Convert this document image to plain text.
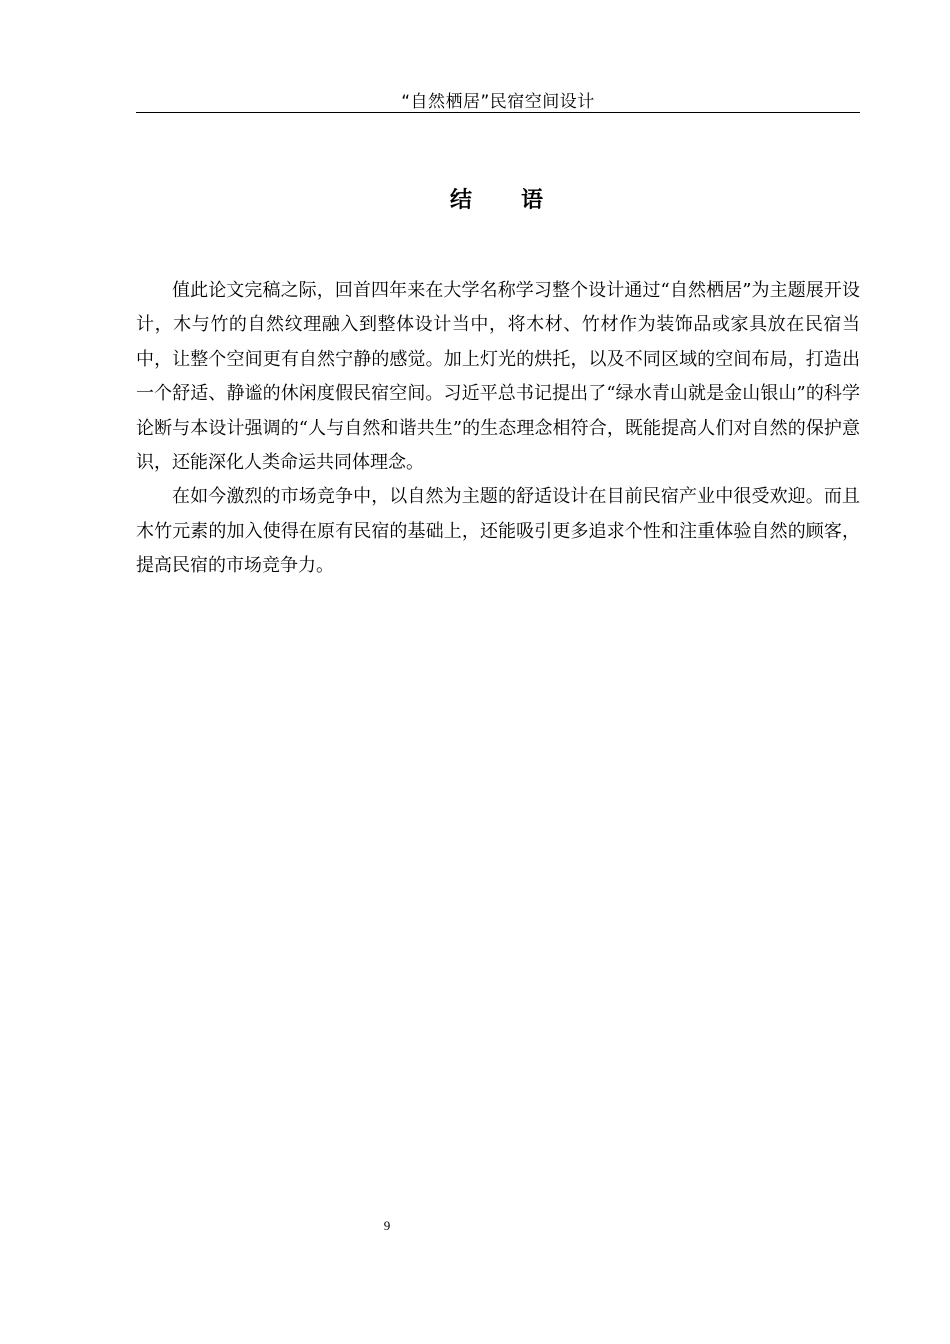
“自然栖居”民宿空间设计
结 语

值此论文完稿之际，回首四年来在大学名称学习整个设计通过“自然栖居”为主题展开设计，木与竹的自然纹理融入到整体设计当中，将木材、竹材作为装饰品或家具放在民宿当中，让整个空间更有自然宁静的感觉。加上灯光的烘托，以及不同区域的空间布局，打造出一个舒适、静谧的休闲度假民宿空间。习近平总书记提出了“绿水青山就是金山银山”的科学论断与本设计强调的“人与自然和谐共生”的生态理念相符合，既能提高人们对自然的保护意识，还能深化人类命运共同体理念。

在如今激烈的市场竞争中，以自然为主题的舒适设计在目前民宿产业中很受欢迎。而且木竹元素的加入使得在原有民宿的基础上，还能吸引更多追求个性和注重体验自然的顾客，提高民宿的市场竞争力。

9
